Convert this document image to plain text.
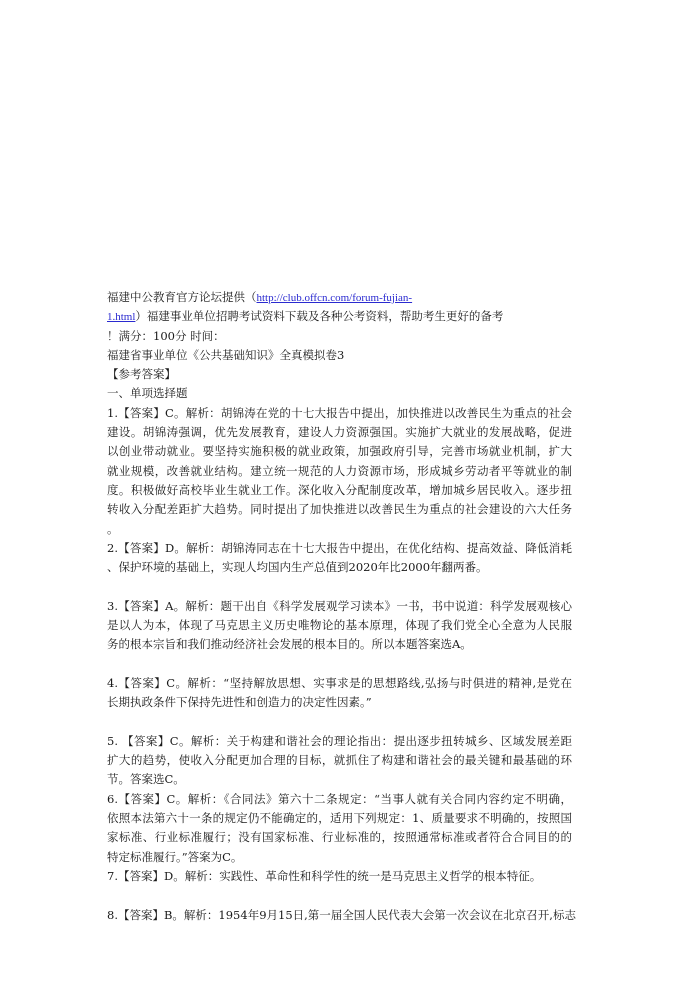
福建中公教育官方论坛提供（http://club.offcn.com/forum-fujian-
1.html）福建事业单位招聘考试资料下载及各种公考资料，帮助考生更好的备考
！满分：100分 时间：
福建省事业单位《公共基础知识》全真模拟卷3
【参考答案】
一、单项选择题
1.【答案】C。解析：胡锦涛在党的十七大报告中提出，加快推进以改善民生为重点的社会
建设。胡锦涛强调，优先发展教育，建设人力资源强国。实施扩大就业的发展战略，促进
以创业带动就业。要坚持实施积极的就业政策，加强政府引导，完善市场就业机制，扩大
就业规模，改善就业结构。建立统一规范的人力资源市场，形成城乡劳动者平等就业的制
度。积极做好高校毕业生就业工作。深化收入分配制度改革，增加城乡居民收入。逐步扭
转收入分配差距扩大趋势。同时提出了加快推进以改善民生为重点的社会建设的六大任务
。
2.【答案】D。解析：胡锦涛同志在十七大报告中提出，在优化结构、提高效益、降低消耗
、保护环境的基础上，实现人均国内生产总值到2020年比2000年翻两番。
3.【答案】A。解析：题干出自《科学发展观学习读本》一书，书中说道：科学发展观核心
是以人为本，体现了马克思主义历史唯物论的基本原理，体现了我们党全心全意为人民服
务的根本宗旨和我们推动经济社会发展的根本目的。所以本题答案选A。
4.【答案】C。解析：“坚持解放思想、实事求是的思想路线,弘扬与时俱进的精神,是党在
长期执政条件下保持先进性和创造力的决定性因素。”
5. 【答案】C。解析：关于构建和谐社会的理论指出：提出逐步扭转城乡、区域发展差距
扩大的趋势，使收入分配更加合理的目标，就抓住了构建和谐社会的最关键和最基础的环
节。答案选C。
6.【答案】C。解析：《合同法》第六十二条规定：“当事人就有关合同内容约定不明确，
依照本法第六十一条的规定仍不能确定的，适用下列规定：1、质量要求不明确的，按照国
家标准、行业标准履行；没有国家标准、行业标准的，按照通常标准或者符合合同目的的
特定标准履行。”答案为C。
7.【答案】D。解析：实践性、革命性和科学性的统一是马克思主义哲学的根本特征。
8.【答案】B。解析：1954年9月15日,第一届全国人民代表大会第一次会议在北京召开,标志
